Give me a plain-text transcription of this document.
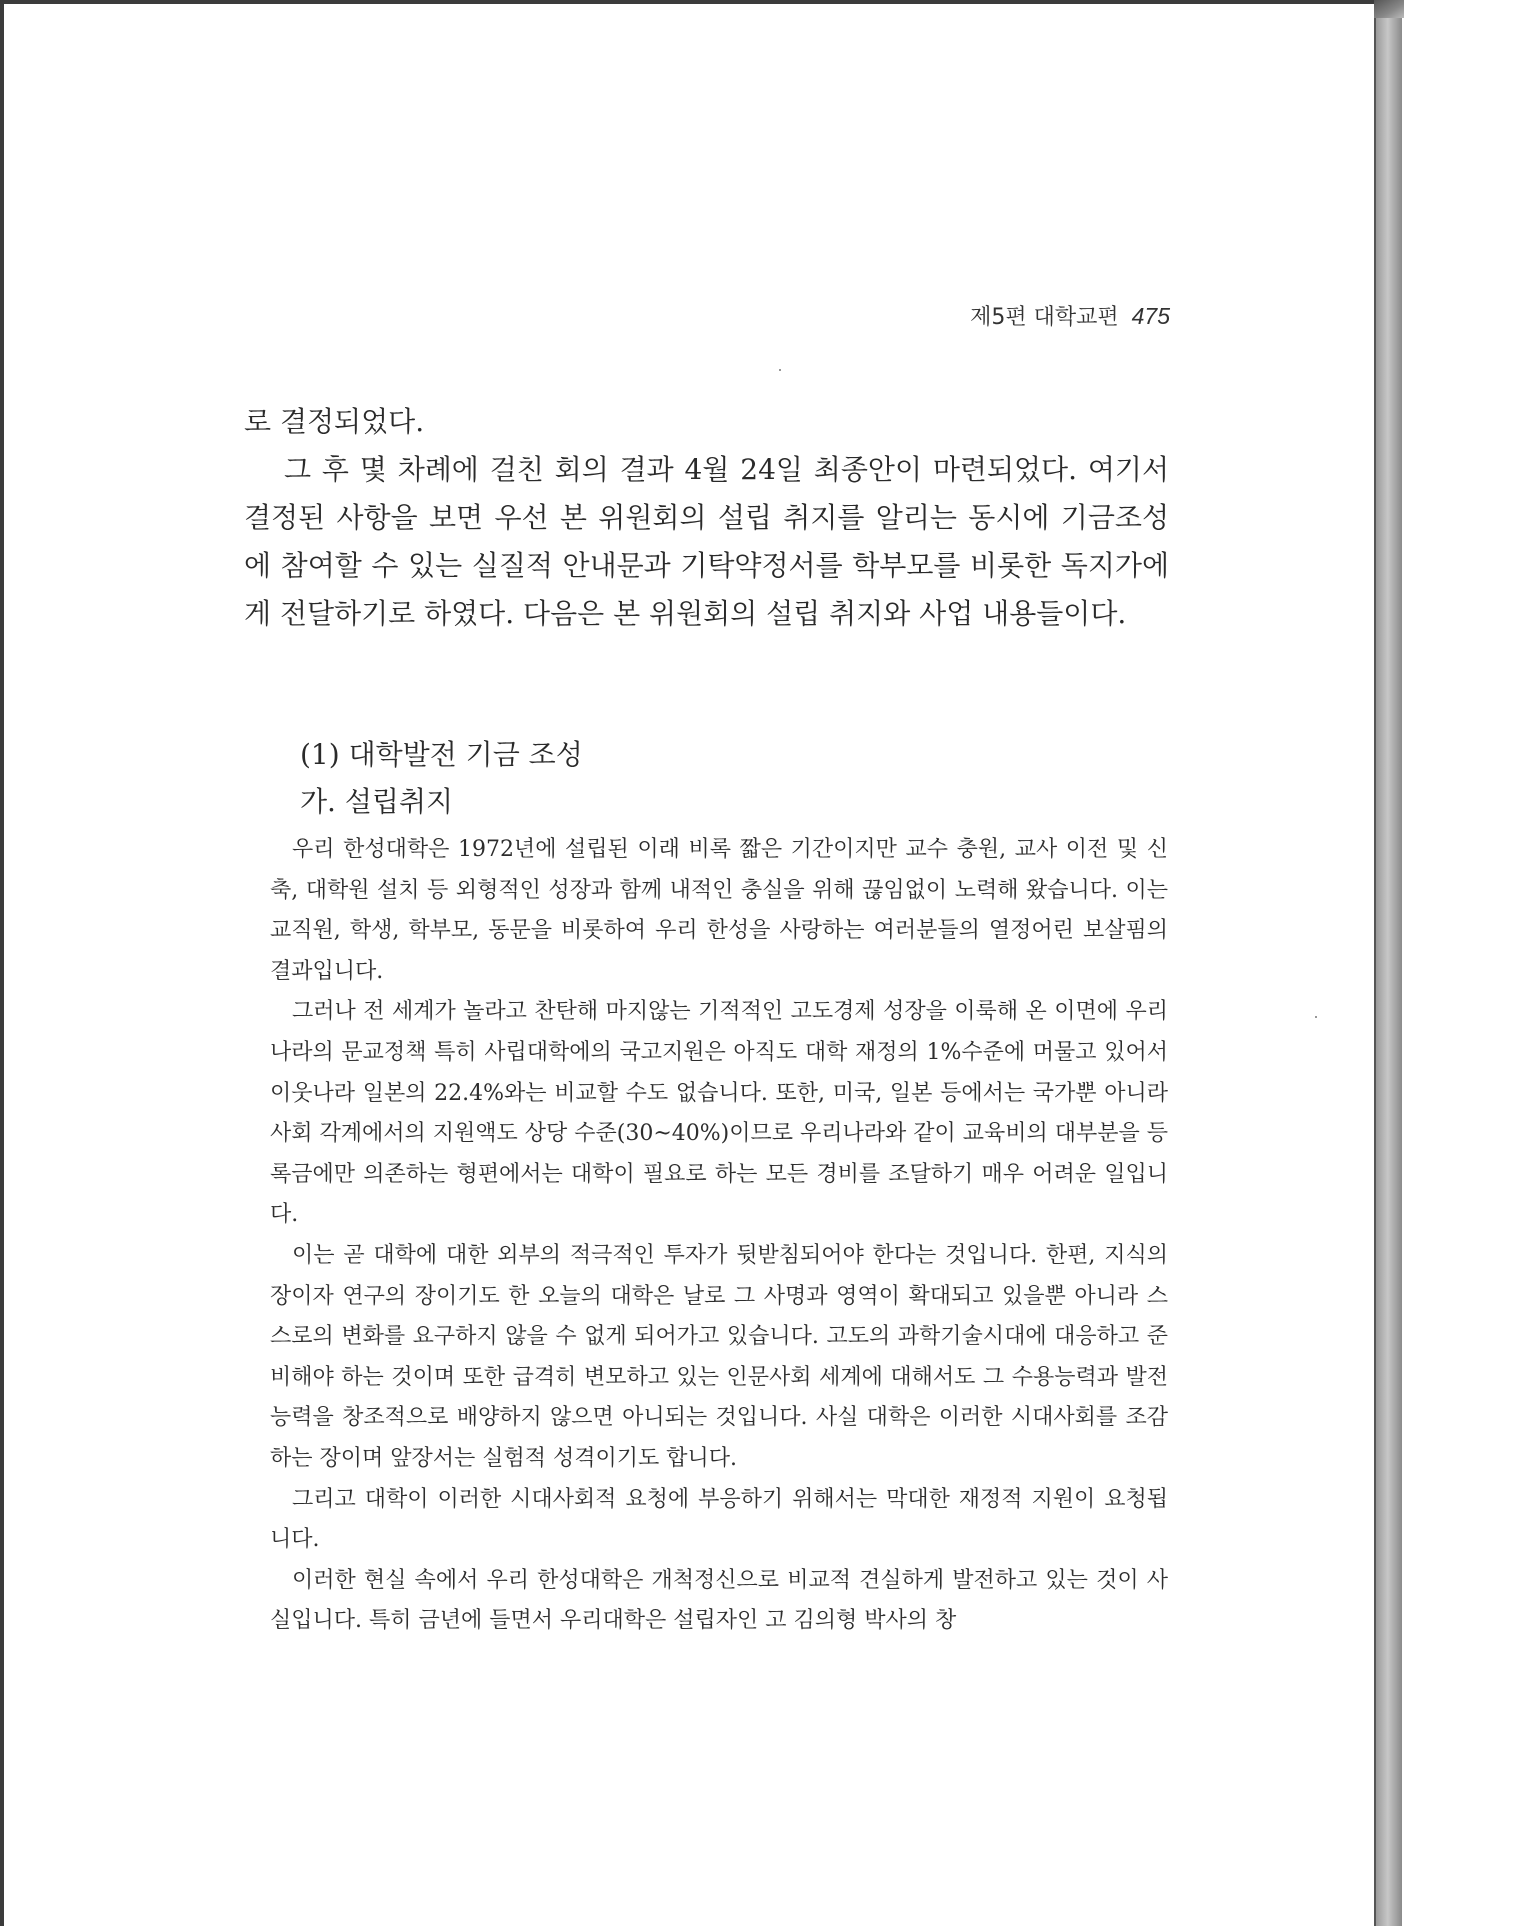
제5편 대학교편 475

로 결정되었다.

그 후 몇 차례에 걸친 회의 결과 4월 24일 최종안이 마련되었다. 여기서 결정된 사항을 보면 우선 본 위원회의 설립 취지를 알리는 동시에 기금조성에 참여할 수 있는 실질적 안내문과 기탁약정서를 학부모를 비롯한 독지가에게 전달하기로 하였다. 다음은 본 위원회의 설립 취지와 사업 내용들이다.

(1) 대학발전 기금 조성
가. 설립취지

우리 한성대학은 1972년에 설립된 이래 비록 짧은 기간이지만 교수 충원, 교사 이전 및 신축, 대학원 설치 등 외형적인 성장과 함께 내적인 충실을 위해 끊임없이 노력해 왔습니다. 이는 교직원, 학생, 학부모, 동문을 비롯하여 우리 한성을 사랑하는 여러분들의 열정어린 보살핌의 결과입니다.

그러나 전 세계가 놀라고 찬탄해 마지않는 기적적인 고도경제 성장을 이룩해 온 이면에 우리나라의 문교정책 특히 사립대학에의 국고지원은 아직도 대학 재정의 1%수준에 머물고 있어서 이웃나라 일본의 22.4%와는 비교할 수도 없습니다. 또한, 미국, 일본 등에서는 국가뿐 아니라 사회 각계에서의 지원액도 상당 수준(30~40%)이므로 우리나라와 같이 교육비의 대부분을 등록금에만 의존하는 형편에서는 대학이 필요로 하는 모든 경비를 조달하기 매우 어려운 일입니다.

이는 곧 대학에 대한 외부의 적극적인 투자가 뒷받침되어야 한다는 것입니다. 한편, 지식의 장이자 연구의 장이기도 한 오늘의 대학은 날로 그 사명과 영역이 확대되고 있을뿐 아니라 스스로의 변화를 요구하지 않을 수 없게 되어가고 있습니다. 고도의 과학기술시대에 대응하고 준비해야 하는 것이며 또한 급격히 변모하고 있는 인문사회 세계에 대해서도 그 수용능력과 발전능력을 창조적으로 배양하지 않으면 아니되는 것입니다. 사실 대학은 이러한 시대사회를 조감하는 장이며 앞장서는 실험적 성격이기도 합니다.

그리고 대학이 이러한 시대사회적 요청에 부응하기 위해서는 막대한 재정적 지원이 요청됩니다.

이러한 현실 속에서 우리 한성대학은 개척정신으로 비교적 견실하게 발전하고 있는 것이 사실입니다. 특히 금년에 들면서 우리대학은 설립자인 고 김의형 박사의 창
